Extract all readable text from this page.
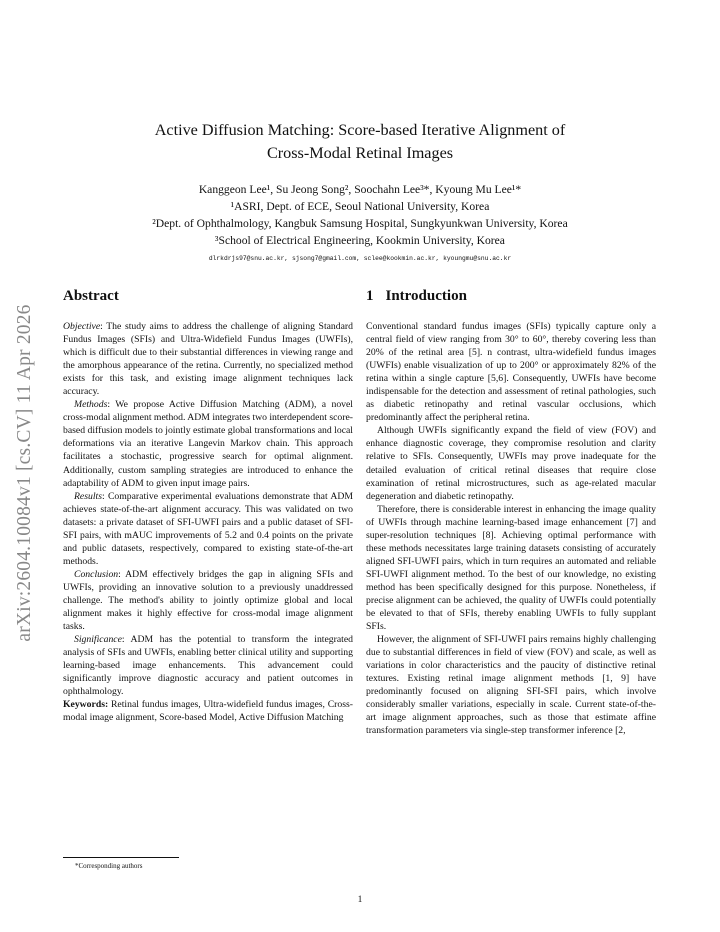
arXiv:2604.10084v1 [cs.CV] 11 Apr 2026
Active Diffusion Matching: Score-based Iterative Alignment of
Cross-Modal Retinal Images
Kanggeon Lee¹, Su Jeong Song², Soochahn Lee³*, Kyoung Mu Lee¹*
¹ASRI, Dept. of ECE, Seoul National University, Korea
²Dept. of Ophthalmology, Kangbuk Samsung Hospital, Sungkyunkwan University, Korea
³School of Electrical Engineering, Kookmin University, Korea
dlrkdrjs97@snu.ac.kr, sjsong7@gmail.com, sclee@kookmin.ac.kr, kyoungmu@snu.ac.kr
Abstract

Objective: The study aims to address the challenge of aligning Standard Fundus Images (SFIs) and Ultra-Widefield Fundus Images (UWFIs), which is difficult due to their substantial differences in viewing range and the amorphous appearance of the retina. Currently, no specialized method exists for this task, and existing image alignment techniques lack accuracy.

Methods: We propose Active Diffusion Matching (ADM), a novel cross-modal alignment method. ADM integrates two interdependent score-based diffusion models to jointly estimate global transformations and local deformations via an iterative Langevin Markov chain. This approach facilitates a stochastic, progressive search for optimal alignment. Additionally, custom sampling strategies are introduced to enhance the adaptability of ADM to given input image pairs.

Results: Comparative experimental evaluations demonstrate that ADM achieves state-of-the-art alignment accuracy. This was validated on two datasets: a private dataset of SFI-UWFI pairs and a public dataset of SFI-SFI pairs, with mAUC improvements of 5.2 and 0.4 points on the private and public datasets, respectively, compared to existing state-of-the-art methods.

Conclusion: ADM effectively bridges the gap in aligning SFIs and UWFIs, providing an innovative solution to a previously unaddressed challenge. The method's ability to jointly optimize global and local alignment makes it highly effective for cross-modal image alignment tasks.

Significance: ADM has the potential to transform the integrated analysis of SFIs and UWFIs, enabling better clinical utility and supporting learning-based image enhancements. This advancement could significantly improve diagnostic accuracy and patient outcomes in ophthalmology.

Keywords: Retinal fundus images, Ultra-widefield fundus images, Cross-modal image alignment, Score-based Model, Active Diffusion Matching

1 Introduction

Conventional standard fundus images (SFIs) typically capture only a central field of view ranging from 30° to 60°, thereby covering less than 20% of the retinal area [5]. n contrast, ultra-widefield fundus images (UWFIs) enable visualization of up to 200° or approximately 82% of the retina within a single capture [5,6]. Consequently, UWFIs have become indispensable for the detection and assessment of retinal pathologies, such as diabetic retinopathy and retinal vascular occlusions, which predominantly affect the peripheral retina.

Although UWFIs significantly expand the field of view (FOV) and enhance diagnostic coverage, they compromise resolution and clarity relative to SFIs. Consequently, UWFIs may prove inadequate for the detailed evaluation of critical retinal diseases that require close examination of retinal microstructures, such as age-related macular degeneration and diabetic retinopathy.

Therefore, there is considerable interest in enhancing the image quality of UWFIs through machine learning-based image enhancement [7] and super-resolution techniques [8]. Achieving optimal performance with these methods necessitates large training datasets consisting of accurately aligned SFI-UWFI pairs, which in turn requires an automated and reliable SFI-UWFI alignment method. To the best of our knowledge, no existing method has been specifically designed for this purpose. Nonetheless, if precise alignment can be achieved, the quality of UWFIs could potentially be elevated to that of SFIs, thereby enabling UWFIs to fully supplant SFIs.

However, the alignment of SFI-UWFI pairs remains highly challenging due to substantial differences in field of view (FOV) and scale, as well as variations in color characteristics and the paucity of distinctive retinal textures. Existing retinal image alignment methods [1, 9] have predominantly focused on aligning SFI-SFI pairs, which involve considerably smaller variations, especially in scale. Current state-of-the-art image alignment approaches, such as those that estimate affine transformation parameters via single-step transformer inference [2,

*Corresponding authors
1
